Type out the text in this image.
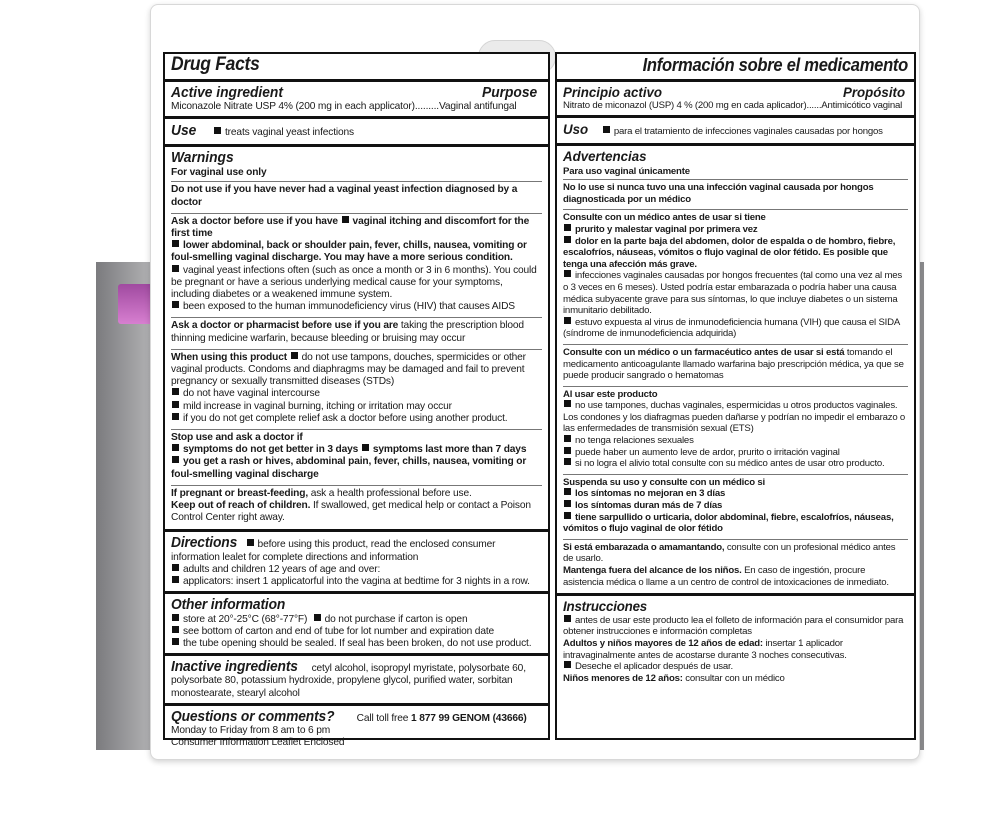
Drug Facts
Active ingredient	Purpose
Miconazole Nitrate USP 4% (200 mg in each applicator).........Vaginal antifungal
Use	treats vaginal yeast infections
Warnings
For vaginal use only
Do not use if you have never had a vaginal yeast infection diagnosed by a doctor
Ask a doctor before use if you have vaginal itching and discomfort for the first time
lower abdominal, back or shoulder pain, fever, chills, nausea, vomiting or foul-smelling vaginal discharge. You may have a more serious condition.
vaginal yeast infections often (such as once a month or 3 in 6 months). You could be pregnant or have a serious underlying medical cause for your symptoms, including diabetes or a weakened immune system.
been exposed to the human immunodeficiency virus (HIV) that causes AIDS
Ask a doctor or pharmacist before use if you are taking the prescription blood thinning medicine warfarin, because bleeding or bruising may occur
When using this product do not use tampons, douches, spermicides or other vaginal products. Condoms and diaphragms may be damaged and fail to prevent pregnancy or sexually transmitted diseases (STDs)
do not have vaginal intercourse
mild increase in vaginal burning, itching or irritation may occur
if you do not get complete relief ask a doctor before using another product.
Stop use and ask a doctor if
symptoms do not get better in 3 days symptoms last more than 7 days
you get a rash or hives, abdominal pain, fever, chills, nausea, vomiting or foul-smelling vaginal discharge
If pregnant or breast-feeding, ask a health professional before use.
Keep out of reach of children. If swallowed, get medical help or contact a Poison Control Center right away.
Directions before using this product, read the enclosed consumer information lealet for complete directions and information
adults and children 12 years of age and over:
applicators: insert 1 applicatorful into the vagina at bedtime for 3 nights in a row.
Other information
store at 20°-25°C (68°-77°F) do not purchase if carton is open
see bottom of carton and end of tube for lot number and expiration date
the tube opening should be sealed. If seal has been broken, do not use product.
Inactive ingredients cetyl alcohol, isopropyl myristate, polysorbate 60, polysorbate 80, potassium hydroxide, propylene glycol, purified water, sorbitan monostearate, stearyl alcohol
Questions or comments? Call toll free 1 877 99 GENOM (43666)
Monday to Friday from 8 am to 6 pm
Consumer Information Leaflet Enclosed
Información sobre el medicamento
Principio activo	Propósito
Nitrato de miconazol (USP) 4 % (200 mg en cada aplicador)......Antimicótico vaginal
Uso	para el tratamiento de infecciones vaginales causadas por hongos
Advertencias
Para uso vaginal únicamente
No lo use si nunca tuvo una una infección vaginal causada por hongos diagnosticada por un médico
Consulte con un médico antes de usar si tiene
prurito y malestar vaginal por primera vez
dolor en la parte baja del abdomen, dolor de espalda o de hombro, fiebre, escalofríos, náuseas, vómitos o flujo vaginal de olor fétido. Es posible que tenga una afección más grave.
infecciones vaginales causadas por hongos frecuentes (tal como una vez al mes o 3 veces en 6 meses). Usted podría estar embarazada o podría haber una causa médica subyacente grave para sus síntomas, lo que incluye diabetes o un sistema inmunitario debilitado.
estuvo expuesta al virus de inmunodeficiencia humana (VIH) que causa el SIDA (síndrome de inmunodeficiencia adquirida)
Consulte con un médico o un farmacéutico antes de usar si está tomando el medicamento anticoagulante llamado warfarina bajo prescripción médica, ya que se puede producir sangrado o hematomas
Al usar este producto
no use tampones, duchas vaginales, espermicidas u otros productos vaginales. Los condones y los diafragmas pueden dañarse y podrían no impedir el embarazo o las enfermedades de transmisión sexual (ETS)
no tenga relaciones sexuales
puede haber un aumento leve de ardor, prurito o irritación vaginal
si no logra el alivio total consulte con su médico antes de usar otro producto.
Suspenda su uso y consulte con un médico si
los síntomas no mejoran en 3 días
los síntomas duran más de 7 días
tiene sarpullido o urticaria, dolor abdominal, fiebre, escalofríos, náuseas, vómitos o flujo vaginal de olor fétido
Si está embarazada o amamantando, consulte con un profesional médico antes de usarlo.
Mantenga fuera del alcance de los niños. En caso de ingestión, procure asistencia médica o llame a un centro de control de intoxicaciones de inmediato.
Instrucciones
antes de usar este producto lea el folleto de información para el consumidor para obtener instrucciones e información completas
Adultos y niños mayores de 12 años de edad: insertar 1 aplicador intravaginalmente antes de acostarse durante 3 noches consecutivas.
Deseche el aplicador después de usar.
Niños menores de 12 años: consultar con un médico
